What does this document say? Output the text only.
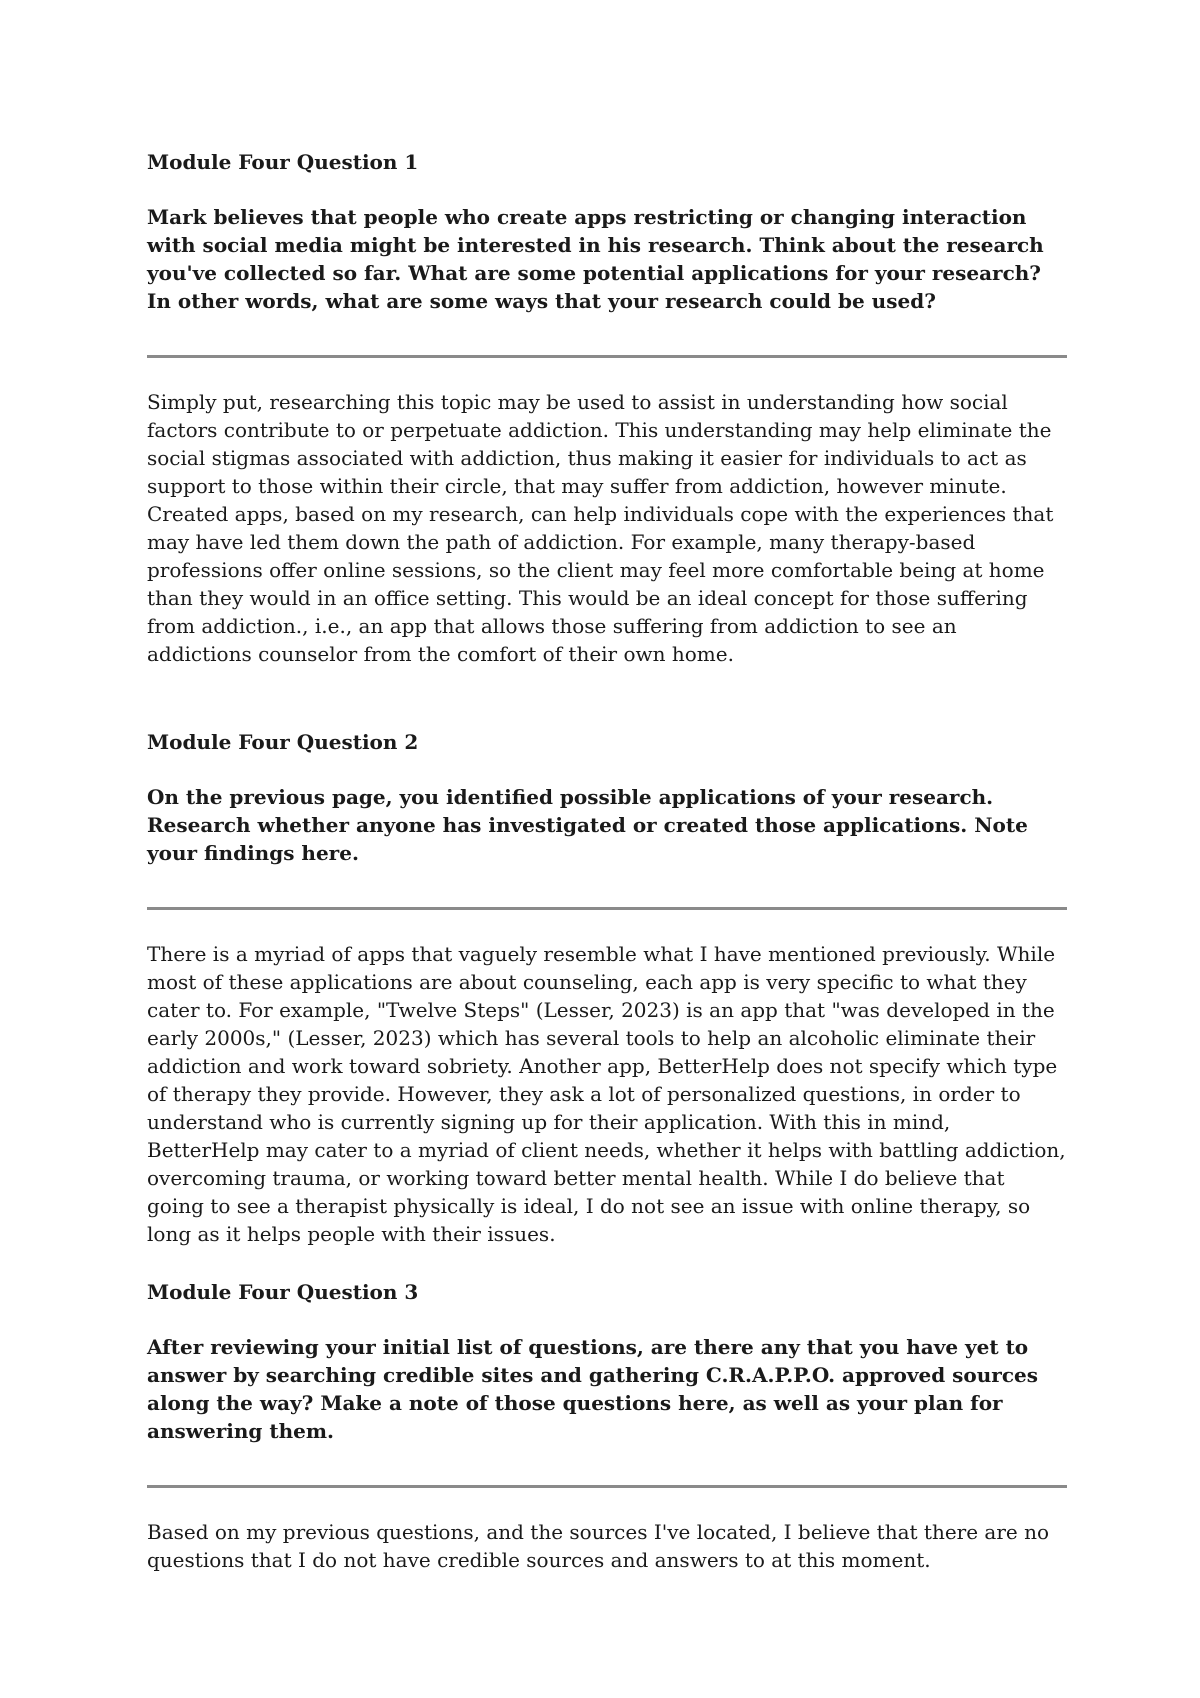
Module Four Question 1

Mark believes that people who create apps restricting or changing interaction with social media might be interested in his research. Think about the research you've collected so far. What are some potential applications for your research? In other words, what are some ways that your research could be used?

Simply put, researching this topic may be used to assist in understanding how social factors contribute to or perpetuate addiction. This understanding may help eliminate the social stigmas associated with addiction, thus making it easier for individuals to act as support to those within their circle, that may suffer from addiction, however minute. Created apps, based on my research, can help individuals cope with the experiences that may have led them down the path of addiction. For example, many therapy-based professions offer online sessions, so the client may feel more comfortable being at home than they would in an office setting. This would be an ideal concept for those suffering from addiction., i.e., an app that allows those suffering from addiction to see an addictions counselor from the comfort of their own home.

Module Four Question 2

On the previous page, you identified possible applications of your research. Research whether anyone has investigated or created those applications. Note your findings here.

There is a myriad of apps that vaguely resemble what I have mentioned previously. While most of these applications are about counseling, each app is very specific to what they cater to. For example, "Twelve Steps" (Lesser, 2023) is an app that "was developed in the early 2000s," (Lesser, 2023) which has several tools to help an alcoholic eliminate their addiction and work toward sobriety. Another app, BetterHelp does not specify which type of therapy they provide. However, they ask a lot of personalized questions, in order to understand who is currently signing up for their application. With this in mind, BetterHelp may cater to a myriad of client needs, whether it helps with battling addiction, overcoming trauma, or working toward better mental health. While I do believe that going to see a therapist physically is ideal, I do not see an issue with online therapy, so long as it helps people with their issues.

Module Four Question 3

After reviewing your initial list of questions, are there any that you have yet to answer by searching credible sites and gathering C.R.A.P.P.O. approved sources along the way? Make a note of those questions here, as well as your plan for answering them.

Based on my previous questions, and the sources I've located, I believe that there are no questions that I do not have credible sources and answers to at this moment.
